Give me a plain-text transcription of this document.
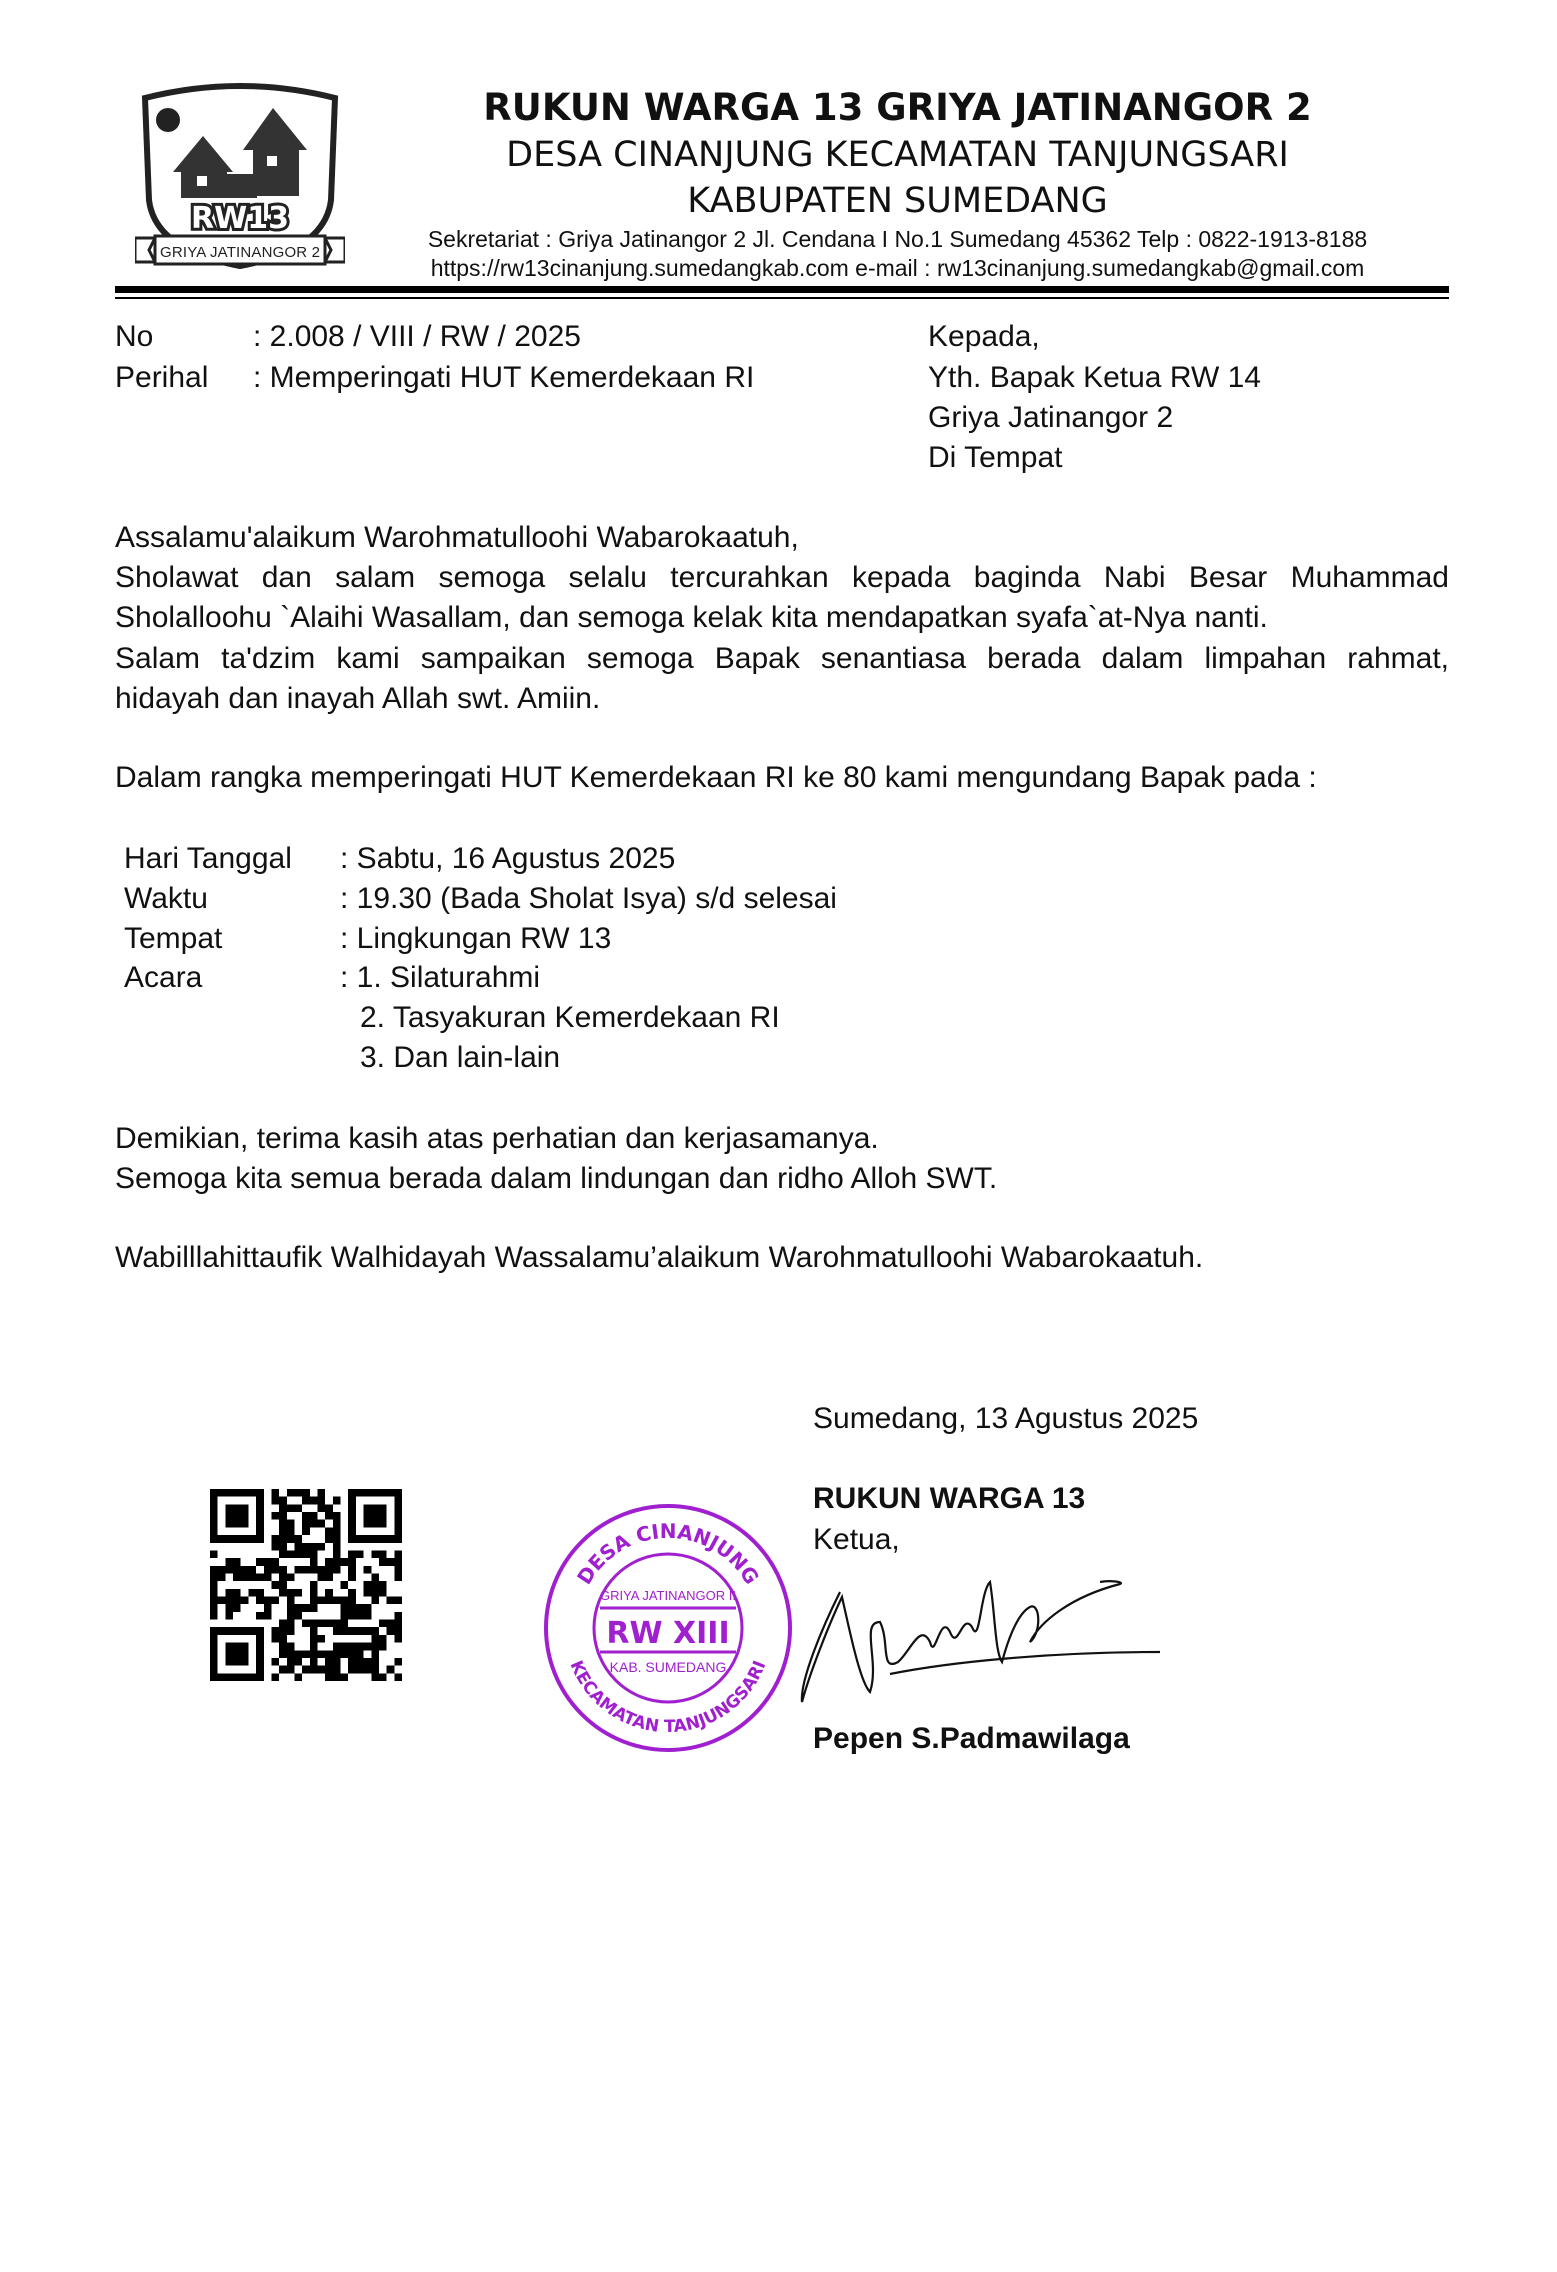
RW13
GRIYA JATINANGOR 2
RUKUN WARGA 13 GRIYA JATINANGOR 2
DESA CINANJUNG KECAMATAN TANJUNGSARI
KABUPATEN SUMEDANG
Sekretariat : Griya Jatinangor 2 Jl. Cendana I No.1 Sumedang 45362 Telp : 0822-1913-8188
https://rw13cinanjung.sumedangkab.com e-mail : rw13cinanjung.sumedangkab@gmail.com
No	: 2.008 / VIII / RW / 2025
Perihal : Memperingati HUT Kemerdekaan RI
Kepada,
Yth. Bapak Ketua RW 14
Griya Jatinangor 2
Di Tempat
Assalamu'alaikum Warohmatulloohi Wabarokaatuh,
Sholawat dan salam semoga selalu tercurahkan kepada baginda Nabi Besar Muhammad
Sholalloohu `Alaihi Wasallam, dan semoga kelak kita mendapatkan syafa`at-Nya nanti.
Salam ta'dzim kami sampaikan semoga Bapak senantiasa berada dalam limpahan rahmat,
hidayah dan inayah Allah swt. Amiin.
Dalam rangka memperingati HUT Kemerdekaan RI ke 80 kami mengundang Bapak pada :
Hari Tanggal : Sabtu, 16 Agustus 2025
Waktu	: 19.30 (Bada Sholat Isya) s/d selesai
Tempat	: Lingkungan RW 13
Acara	: 1. Silaturahmi
2. Tasyakuran Kemerdekaan RI
3. Dan lain-lain
Demikian, terima kasih atas perhatian dan kerjasamanya.
Semoga kita semua berada dalam lindungan dan ridho Alloh SWT.
Wabilllahittaufik Walhidayah Wassalamu’alaikum Warohmatulloohi Wabarokaatuh.
Sumedang, 13 Agustus 2025
DESA CINANJUNG
KECAMATAN TANJUNGSARI
GRIYA JATINANGOR II
RW XIII
KAB. SUMEDANG
RUKUN WARGA 13
Ketua,
Pepen S.Padmawilaga
